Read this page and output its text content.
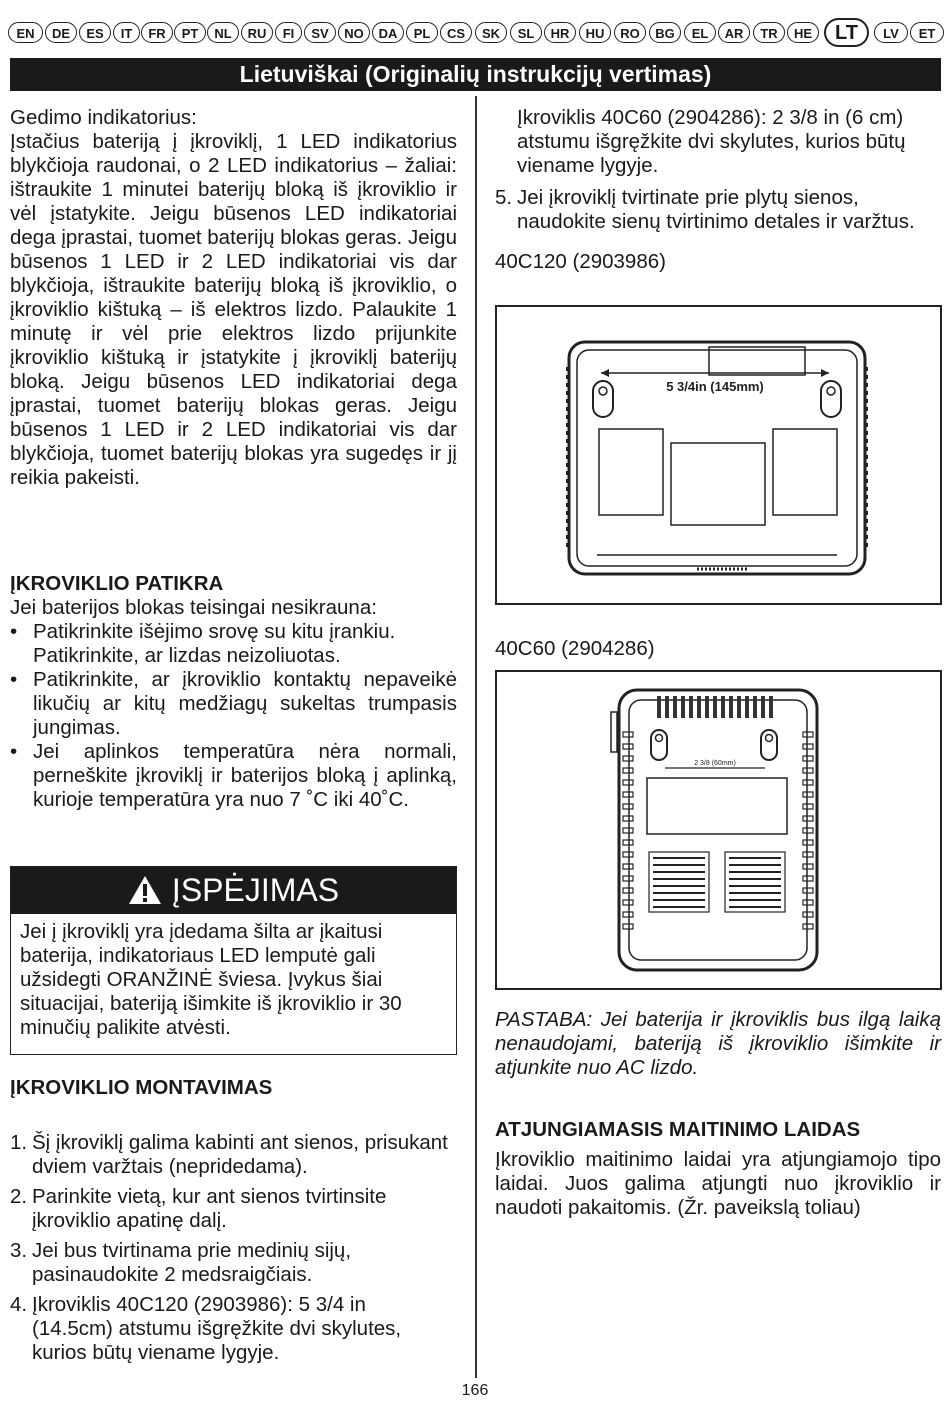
EN	DE	ES	IT	FR	PT	NL	RU	FI	SV	NO	DA	PL	CS	SK	SL	HR	HU	RO	BG	EL	AR	TR	HE	LT	LV	ET
Lietuviškai (Originalių instrukcijų vertimas)

Gedimo indikatorius:

Įstačius bateriją į įkroviklį, 1 LED indikatorius blykčioja raudonai, o 2 LED indikatorius – žaliai: ištraukite 1 minutei baterijų bloką iš įkroviklio ir vėl įstatykite. Jeigu būsenos LED indikatoriai dega įprastai, tuomet baterijų blokas geras. Jeigu būsenos 1 LED ir 2 LED indikatoriai vis dar blykčioja, ištraukite baterijų bloką iš įkroviklio, o įkroviklio kištuką – iš elektros lizdo. Palaukite 1 minutę ir vėl prie elektros lizdo prijunkite įkroviklio kištuką ir įstatykite į įkroviklį baterijų bloką. Jeigu būsenos LED indikatoriai dega įprastai, tuomet baterijų blokas geras. Jeigu būsenos 1 LED ir 2 LED indikatoriai vis dar blykčioja, tuomet baterijų blokas yra sugedęs ir jį reikia pakeisti.

ĮKROVIKLIO PATIKRA

Jei baterijos blokas teisingai nesikrauna:

• Patikrinkite išėjimo srovę su kitu įrankiu. Patikrinkite, ar lizdas neizoliuotas.
• Patikrinkite, ar įkroviklio kontaktų nepaveikė likučių ar kitų medžiagų sukeltas trumpasis jungimas.
• Jei aplinkos temperatūra nėra normali, perneškite įkroviklį ir baterijos bloką į aplinką, kurioje temperatūra yra nuo 7 ˚C iki 40˚C.
ĮSPĖJIMAS
Jei į įkroviklį yra įdedama šilta ar įkaitusi baterija, indikatoriaus LED lemputė gali užsidegti ORANŽINĖ šviesa. Įvykus šiai situacijai, bateriją išimkite iš įkroviklio ir 30 minučių palikite atvėsti.

ĮKROVIKLIO MONTAVIMAS

1. Šį įkroviklį galima kabinti ant sienos, prisukant dviem varžtais (nepridedama).
2. Parinkite vietą, kur ant sienos tvirtinsite įkroviklio apatinę dalį.
3. Jei bus tvirtinama prie medinių sijų, pasinaudokite 2 medsraigčiais.
4. Įkroviklis 40C120 (2903986): 5 3/4 in (14.5cm) atstumu išgręžkite dvi skylutes, kurios būtų viename lygyje.

Įkroviklis 40C60 (2904286): 2 3/8 in (6 cm) atstumu išgręžkite dvi skylutes, kurios būtų viename lygyje.

5. Jei įkroviklį tvirtinate prie plytų sienos, naudokite sienų tvirtinimo detales ir varžtus.

40C120 (2903986)

5 3/4in (145mm)

40C60 (2904286)

2 3/8 (60mm)

PASTABA: Jei baterija ir įkroviklis bus ilgą laiką nenaudojami, bateriją iš įkroviklio išimkite ir atjunkite nuo AC lizdo.

ATJUNGIAMASIS MAITINIMO LAIDAS

Įkroviklio maitinimo laidai yra atjungiamojo tipo laidai. Juos galima atjungti nuo įkroviklio ir naudoti pakaitomis. (Žr. paveikslą toliau)

166
